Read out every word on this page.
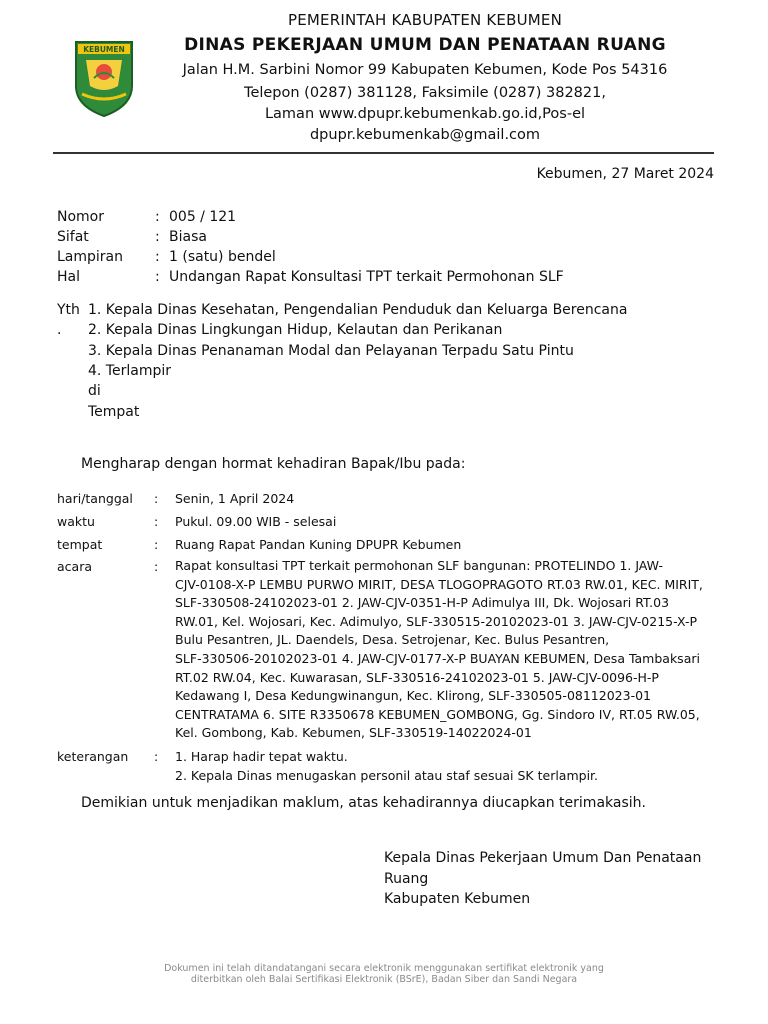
KEBUMEN
PEMERINTAH KABUPATEN KEBUMEN
DINAS PEKERJAAN UMUM DAN PENATAAN RUANG
Jalan H.M. Sarbini Nomor 99 Kabupaten Kebumen, Kode Pos 54316
Telepon (0287) 381128, Faksimile (0287) 382821,
Laman www.dpupr.kebumenkab.go.id,Pos-el
dpupr.kebumenkab@gmail.com
Kebumen, 27 Maret 2024
Nomor	: 005 / 121
Sifat	: Biasa
Lampiran : 1 (satu) bendel
Hal	: Undangan Rapat Konsultasi TPT terkait Permohonan SLF
Yth
.
1. Kepala Dinas Kesehatan, Pengendalian Penduduk dan Keluarga Berencana
2. Kepala Dinas Lingkungan Hidup, Kelautan dan Perikanan
3. Kepala Dinas Penanaman Modal dan Pelayanan Terpadu Satu Pintu
4. Terlampir
di
Tempat
Mengharap dengan hormat kehadiran Bapak/Ibu pada:
hari/tanggal : Senin, 1 April 2024
waktu	: Pukul. 09.00 WIB - selesai
tempat	: Ruang Rapat Pandan Kuning DPUPR Kebumen
acara	: Rapat konsultasi TPT terkait permohonan SLF bangunan: PROTELINDO 1. JAW-
CJV-0108-X-P LEMBU PURWO MIRIT, DESA TLOGOPRAGOTO RT.03 RW.01, KEC. MIRIT,
SLF-330508-24102023-01 2. JAW-CJV-0351-H-P Adimulya III, Dk. Wojosari RT.03
RW.01, Kel. Wojosari, Kec. Adimulyo, SLF-330515-20102023-01 3. JAW-CJV-0215-X-P
Bulu Pesantren, JL. Daendels, Desa. Setrojenar, Kec. Bulus Pesantren,
SLF-330506-20102023-01 4. JAW-CJV-0177-X-P BUAYAN KEBUMEN, Desa Tambaksari
RT.02 RW.04, Kec. Kuwarasan, SLF-330516-24102023-01 5. JAW-CJV-0096-H-P
Kedawang I, Desa Kedungwinangun, Kec. Klirong, SLF-330505-08112023-01
CENTRATAMA 6. SITE R3350678 KEBUMEN_GOMBONG, Gg. Sindoro IV, RT.05 RW.05,
Kel. Gombong, Kab. Kebumen, SLF-330519-14022024-01
keterangan : 1. Harap hadir tepat waktu.
2. Kepala Dinas menugaskan personil atau staf sesuai SK terlampir.
Demikian untuk menjadikan maklum, atas kehadirannya diucapkan terimakasih.
Kepala Dinas Pekerjaan Umum Dan Penataan
Ruang
Kabupaten Kebumen
Dokumen ini telah ditandatangani secara elektronik menggunakan sertifikat elektronik yang
diterbitkan oleh Balai Sertifikasi Elektronik (BSrE), Badan Siber dan Sandi Negara
